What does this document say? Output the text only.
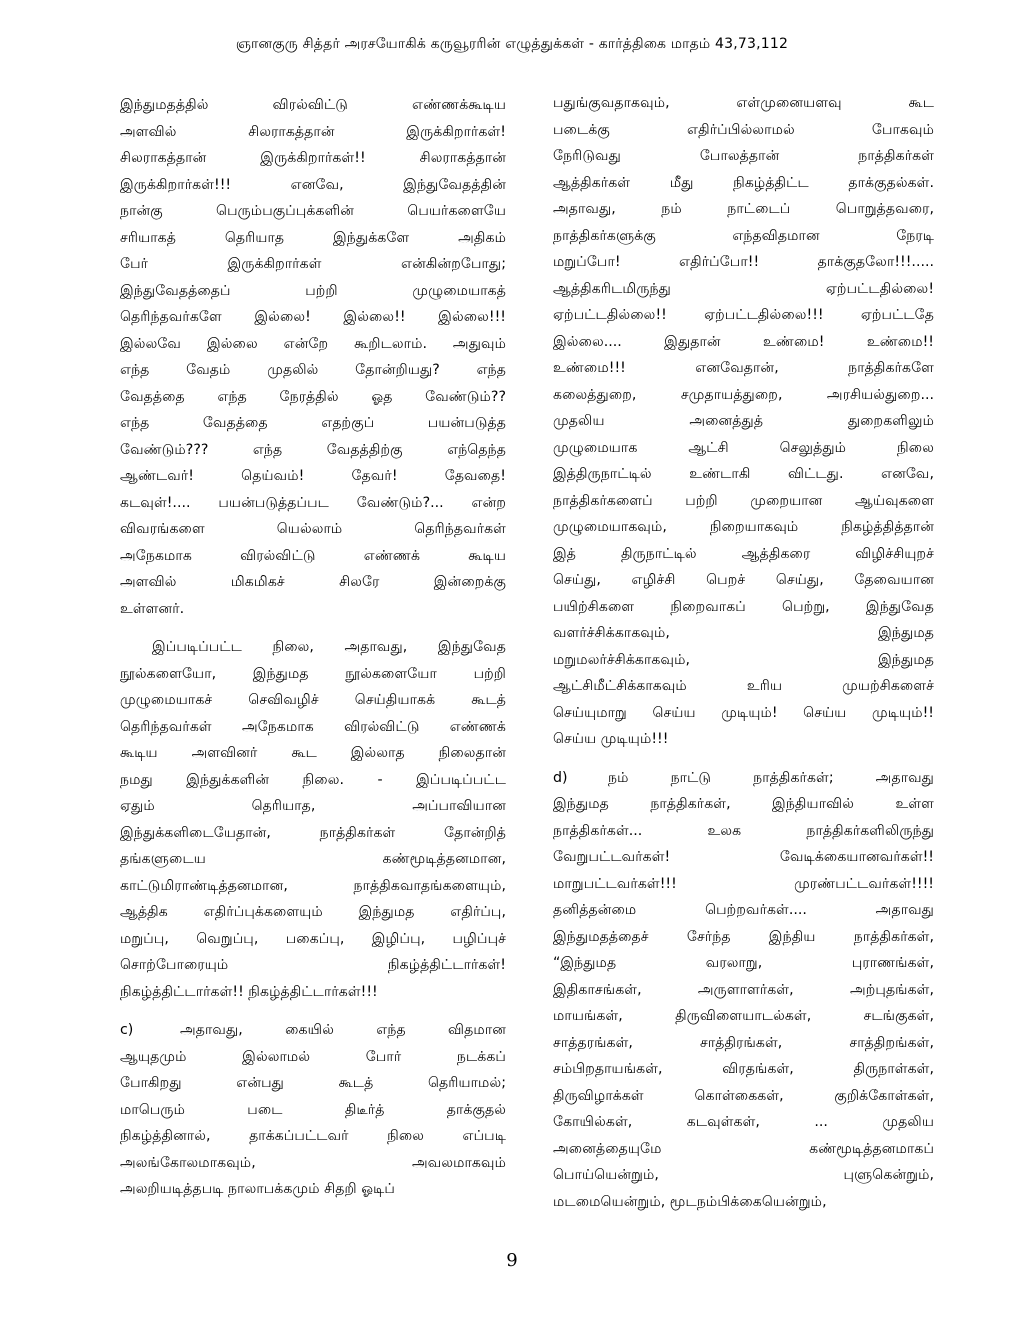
ஞானகுரு சித்தர் அரசயோகிக் கருவூரரின் எழுத்துக்கள் - கார்த்திகை மாதம் 43,73,112

இந்துமதத்தில் விரல்விட்டு எண்ணக்கூடிய

அளவில் சிலராகத்தான் இருக்கிறார்கள்!

சிலராகத்தான் இருக்கிறார்கள்!! சிலராகத்தான்

இருக்கிறார்கள்!!! எனவே, இந்துவேதத்தின்

நான்கு பெரும்பகுப்புக்களின் பெயர்களையே

சரியாகத் தெரியாத இந்துக்களே அதிகம்

பேர் இருக்கிறார்கள் என்கின்றபோது;

இந்துவேதத்தைப் பற்றி முழுமையாகத்

தெரிந்தவர்களே இல்லை! இல்லை!! இல்லை!!!

இல்லவே இல்லை என்றே கூறிடலாம். அதுவும்

எந்த வேதம் முதலில் தோன்றியது? எந்த

வேதத்தை எந்த நேரத்தில் ஓத வேண்டும்??

எந்த வேதத்தை எதற்குப் பயன்படுத்த

வேண்டும்??? எந்த வேதத்திற்கு எந்தெந்த

ஆண்டவர்! தெய்வம்! தேவர்! தேவதை!

கடவுள்!.... பயன்படுத்தப்பட வேண்டும்?... என்ற

விவரங்களை யெல்லாம் தெரிந்தவர்கள்

அநேகமாக விரல்விட்டு எண்ணக் கூடிய

அளவில் மிகமிகச் சிலரே இன்றைக்கு

உள்ளனர்.

இப்படிப்பட்ட நிலை, அதாவது, இந்துவேத

நூல்களையோ, இந்துமத நூல்களையோ பற்றி

முழுமையாகச் செவிவழிச் செய்தியாகக் கூடத்

தெரிந்தவர்கள் அநேகமாக விரல்விட்டு எண்ணக்

கூடிய அளவினர் கூட இல்லாத நிலைதான்

நமது இந்துக்களின் நிலை. - இப்படிப்பட்ட

ஏதும் தெரியாத, அப்பாவியான

இந்துக்களிடையேதான், நாத்திகர்கள் தோன்றித்

தங்களுடைய கண்மூடித்தனமான,

காட்டுமிராண்டித்தனமான, நாத்திகவாதங்களையும்,

ஆத்திக எதிர்ப்புக்களையும் இந்துமத எதிர்ப்பு,

மறுப்பு, வெறுப்பு, பகைப்பு, இழிப்பு, பழிப்புச்

சொற்போரையும் நிகழ்த்திட்டார்கள்!

நிகழ்த்திட்டார்கள்!! நிகழ்த்திட்டார்கள்!!!

c)	அதாவது, கையில் எந்த விதமான

ஆயுதமும் இல்லாமல் போர் நடக்கப்

போகிறது என்பது கூடத் தெரியாமல்;

மாபெரும் படை திடீர்த் தாக்குதல்

நிகழ்த்தினால், தாக்கப்பட்டவர் நிலை எப்படி

அலங்கோலமாகவும், அவலமாகவும்

அலறியடித்தபடி நாலாபக்கமும் சிதறி ஓடிப்

பதுங்குவதாகவும், எள்முனையளவு கூட

படைக்கு எதிர்ப்பில்லாமல் போகவும்

நேரிடுவது போலத்தான் நாத்திகர்கள்

ஆத்திகர்கள் மீது நிகழ்த்திட்ட தாக்குதல்கள்.

அதாவது, நம் நாட்டைப் பொறுத்தவரை,

நாத்திகர்களுக்கு எந்தவிதமான நேரடி

மறுப்போ! எதிர்ப்போ!! தாக்குதலோ!!!.....

ஆத்திகரிடமிருந்து ஏற்பட்டதில்லை!

ஏற்பட்டதில்லை!! ஏற்பட்டதில்லை!!! ஏற்பட்டதே

இல்லை.... இதுதான் உண்மை! உண்மை!!

உண்மை!!! எனவேதான், நாத்திகர்களே

கலைத்துறை, சமுதாயத்துறை, அரசியல்துறை...

முதலிய அனைத்துத் துறைகளிலும்

முழுமையாக ஆட்சி செலுத்தும் நிலை

இத்திருநாட்டில் உண்டாகி விட்டது. எனவே,

நாத்திகர்களைப் பற்றி முறையான ஆய்வுகளை

முழுமையாகவும், நிறையாகவும் நிகழ்த்தித்தான்

இத் திருநாட்டில் ஆத்திகரை விழிச்சியுறச்

செய்து, எழிச்சி பெறச் செய்து, தேவையான

பயிற்சிகளை நிறைவாகப் பெற்று, இந்துவேத

வளர்ச்சிக்காகவும், இந்துமத

மறுமலர்ச்சிக்காகவும், இந்துமத

ஆட்சிமீட்சிக்காகவும் உரிய முயற்சிகளைச்

செய்யுமாறு செய்ய முடியும்! செய்ய முடியும்!!

செய்ய முடியும்!!!

d)	நம் நாட்டு நாத்திகர்கள்; அதாவது

இந்துமத நாத்திகர்கள், இந்தியாவில் உள்ள

நாத்திகர்கள்... உலக நாத்திகர்களிலிருந்து

வேறுபட்டவர்கள்! வேடிக்கையானவர்கள்!!

மாறுபட்டவர்கள்!!! முரண்பட்டவர்கள்!!!!

தனித்தன்மை பெற்றவர்கள்.... அதாவது

இந்துமதத்தைச் சேர்ந்த இந்திய நாத்திகர்கள்,

“இந்துமத வரலாறு, புராணங்கள்,

இதிகாசங்கள், அருளாளர்கள், அற்புதங்கள்,

மாயங்கள், திருவிளையாடல்கள், சடங்குகள்,

சாத்தரங்கள், சாத்திரங்கள், சாத்திறங்கள்,

சம்பிறதாயங்கள், விரதங்கள், திருநாள்கள்,

திருவிழாக்கள் கொள்கைகள், குறிக்கோள்கள்,

கோயில்கள், கடவுள்கள், ... முதலிய

அனைத்தையுமே கண்மூடித்தனமாகப்

பொய்யென்றும், புளுகென்றும்,

மடமையென்றும், மூடநம்பிக்கையென்றும்,

9
